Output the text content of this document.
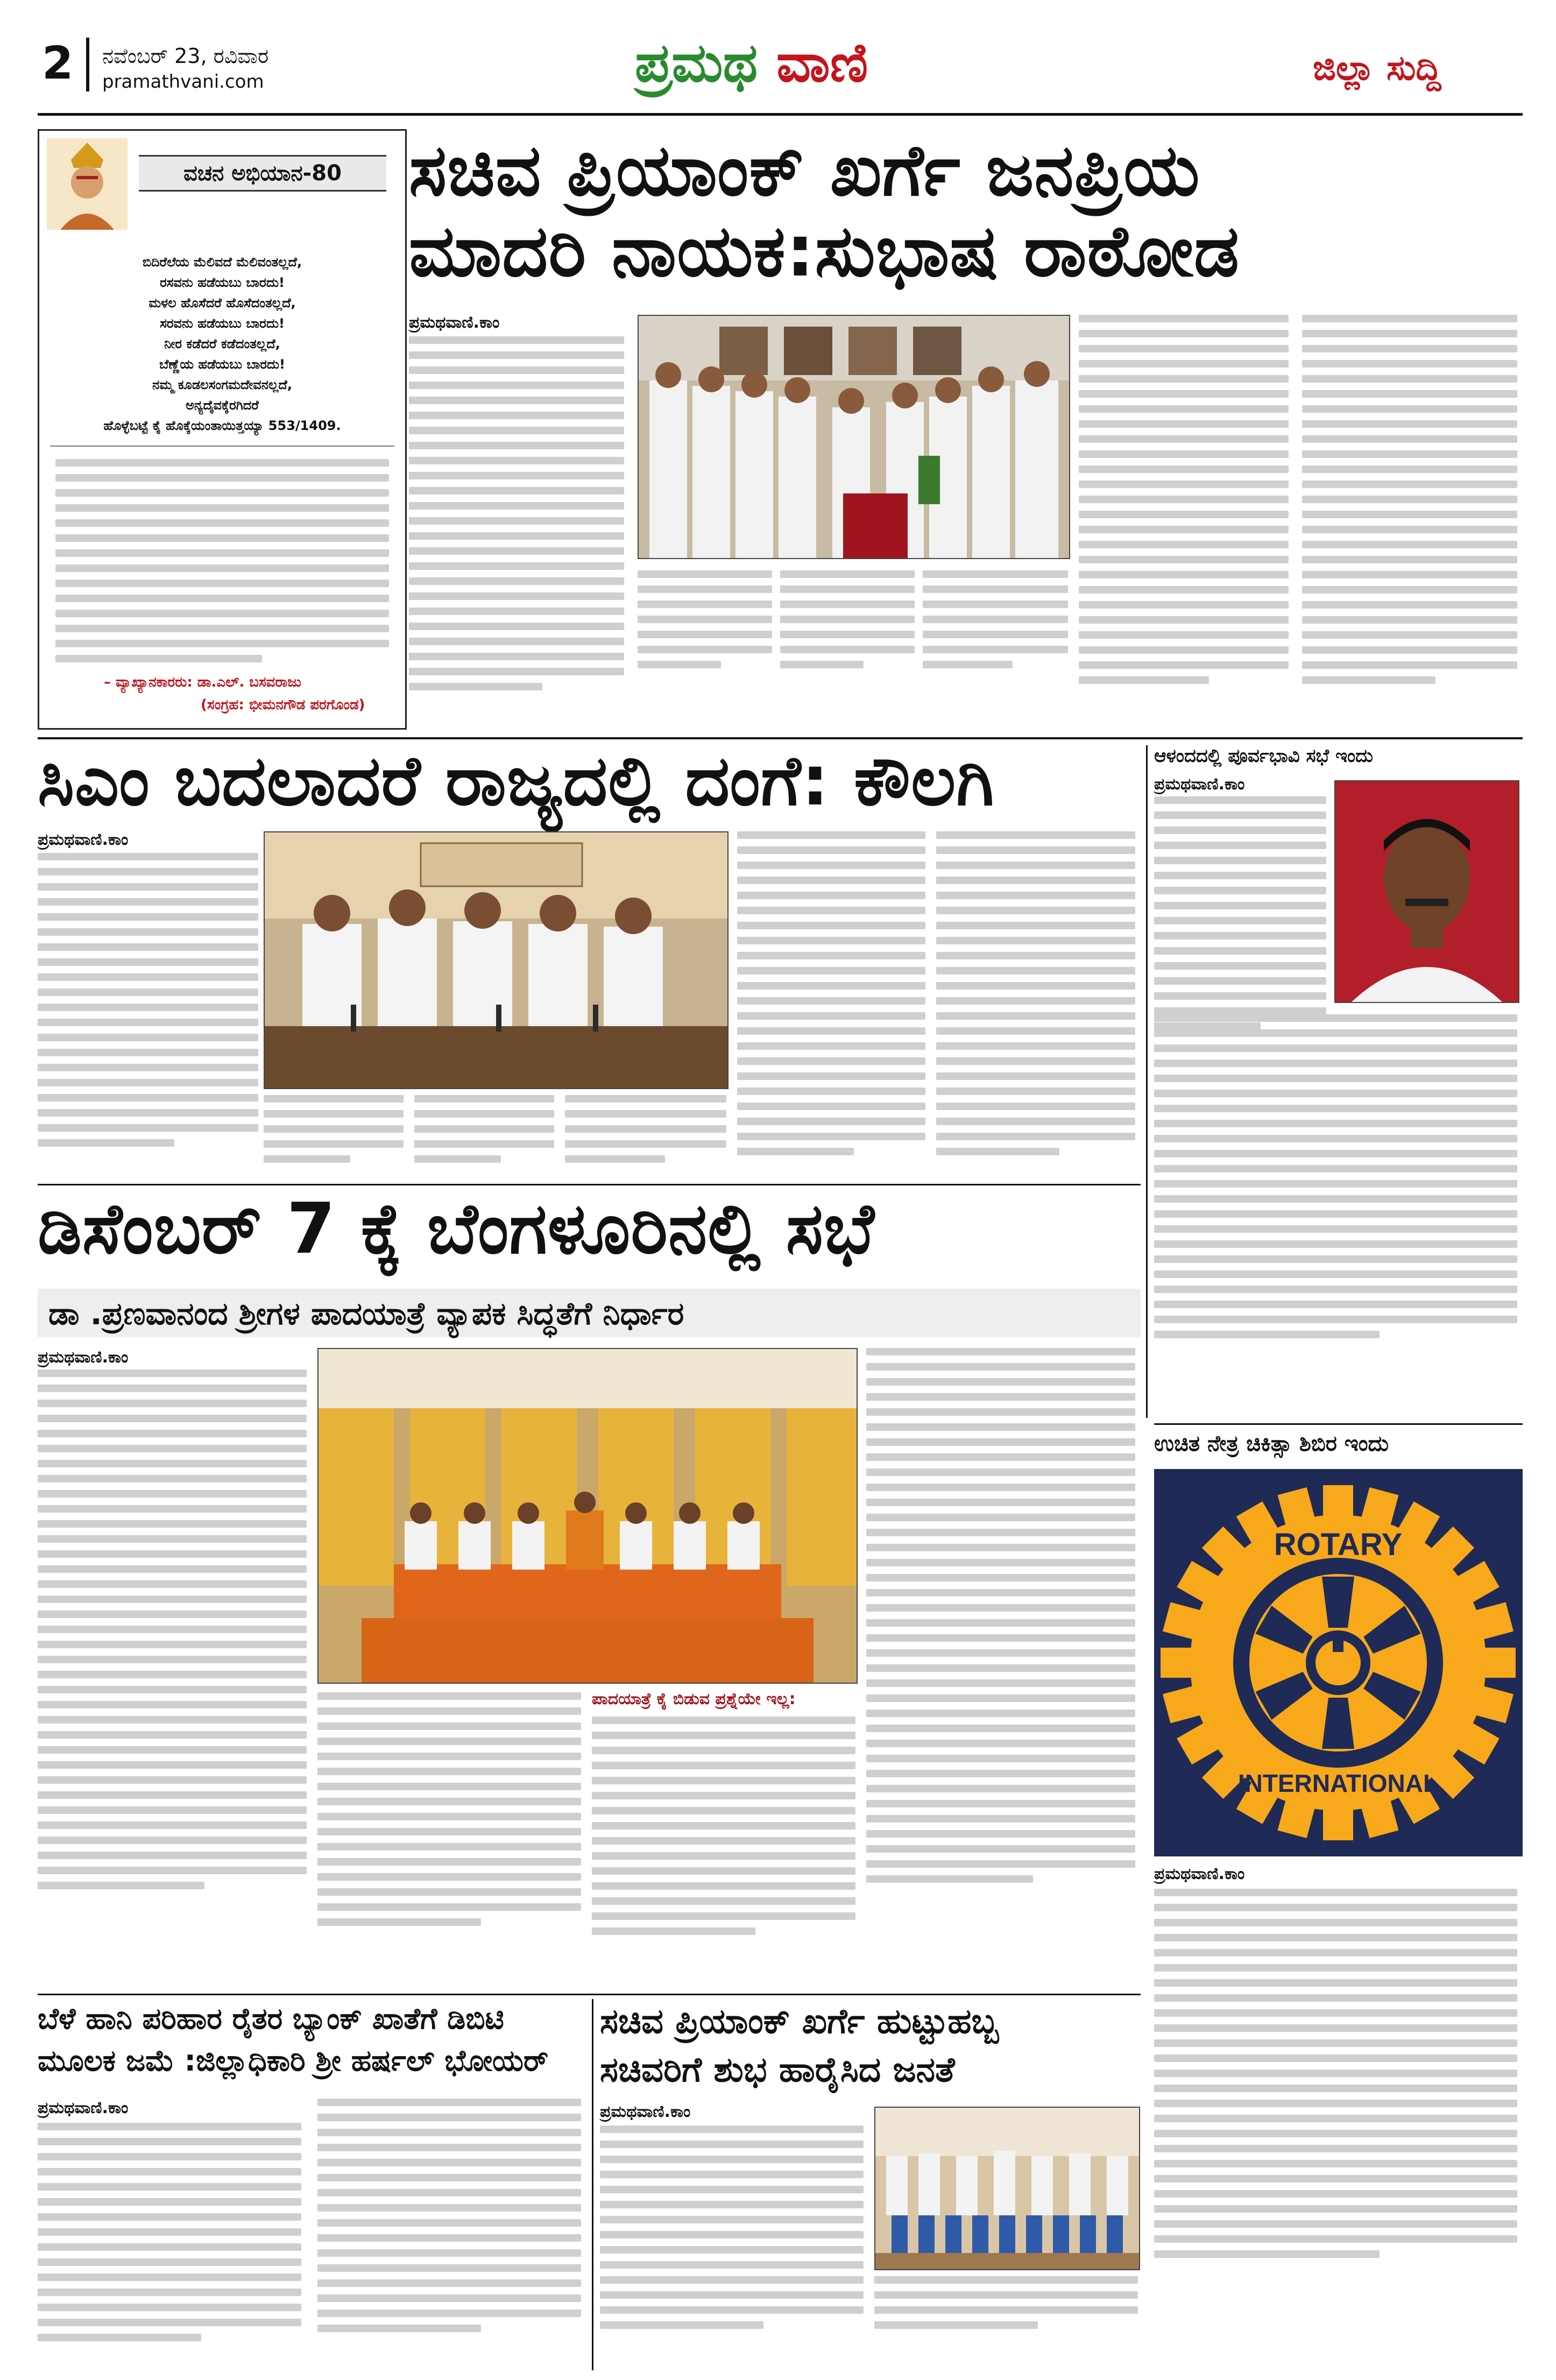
2 ನವೆಂಬರ್ 23, ರವಿವಾರ
pramathvani.com	ಪ್ರಮಥ ವಾಣಿ	ಜಿಲ್ಲಾ ಸುದ್ದಿ
ವಚನ ಅಭಿಯಾನ-80
ಬಿದಿರೆಲೆಯ ಮೆಲಿವದೆ ಮೆಲಿವಂತಲ್ಲದೆ,
ರಸವನು ಹಡೆಯಬು ಬಾರದು!
ಮಳಲ ಹೊಸೆದರೆ ಹೊಸೆದಂತಲ್ಲದೆ,
ಸರವನು ಹಡೆಯಬು ಬಾರದು!
ನೀರ ಕಡೆದರೆ ಕಡೆದಂತಲ್ಲದೆ,
ಬೆಣ್ಣೆಯ ಹಡೆಯಬು ಬಾರದು!
ನಮ್ಮ ಕೂಡಲಸಂಗಮದೇವನಲ್ಲದೆ,
ಅನ್ಯದೈವಕ್ಕೆರಗಿದರೆ
ಹೊಳ್ಳೆಬಟ್ಟೆ ಕೈ ಹೊಕ್ಕೆಯಂತಾಯಿತ್ತಯ್ಯಾ 553/1409.
– ವ್ಯಾಖ್ಯಾನಕಾರರು: ಡಾ.ಎಲ್. ಬಸವರಾಜು
(ಸಂಗ್ರಹ: ಭೀಮನಗೌಡ ಪರಗೊಂಡ)
ಸಚಿವ ಪ್ರಿಯಾಂಕ್ ಖರ್ಗೆ ಜನಪ್ರಿಯ
ಮಾದರಿ ನಾಯಕ:ಸುಭಾಷ ರಾಠೋಡ
ಪ್ರಮಥವಾಣಿ.ಕಾಂ
ಸಿಎಂ ಬದಲಾದರೆ ರಾಜ್ಯದಲ್ಲಿ ದಂಗೆ: ಕೌಲಗಿ
ಪ್ರಮಥವಾಣಿ.ಕಾಂ
ಆಳಂದದಲ್ಲಿ ಪೂರ್ವಭಾವಿ ಸಭೆ ಇಂದು
ಪ್ರಮಥವಾಣಿ.ಕಾಂ
ಡಿಸೆಂಬರ್ 7 ಕ್ಕೆ ಬೆಂಗಳೂರಿನಲ್ಲಿ ಸಭೆ
ಡಾ .ಪ್ರಣವಾನಂದ ಶ್ರೀಗಳ ಪಾದಯಾತ್ರೆ ವ್ಯಾಪಕ ಸಿದ್ಧತೆಗೆ ನಿರ್ಧಾರ
ಪ್ರಮಥವಾಣಿ.ಕಾಂ
ಪಾದಯಾತ್ರೆ ಕೈ ಬಿಡುವ ಪ್ರಶ್ನೆಯೇ ಇಲ್ಲ:
ಉಚಿತ ನೇತ್ರ ಚಿಕಿತ್ಸಾ ಶಿಬಿರ ಇಂದು
ROTARY
INTERNATIONAL
ಪ್ರಮಥವಾಣಿ.ಕಾಂ
ಬೆಳೆ ಹಾನಿ ಪರಿಹಾರ ರೈತರ ಬ್ಯಾಂಕ್ ಖಾತೆಗೆ ಡಿಬಿಟಿ
ಮೂಲಕ ಜಮೆ :ಜಿಲ್ಲಾಧಿಕಾರಿ ಶ್ರೀ ಹರ್ಷಲ್ ಭೋಯರ್
ಪ್ರಮಥವಾಣಿ.ಕಾಂ
ಸಚಿವ ಪ್ರಿಯಾಂಕ್ ಖರ್ಗೆ ಹುಟ್ಟುಹಬ್ಬ
ಸಚಿವರಿಗೆ ಶುಭ ಹಾರೈಸಿದ ಜನತೆ
ಪ್ರಮಥವಾಣಿ.ಕಾಂ
